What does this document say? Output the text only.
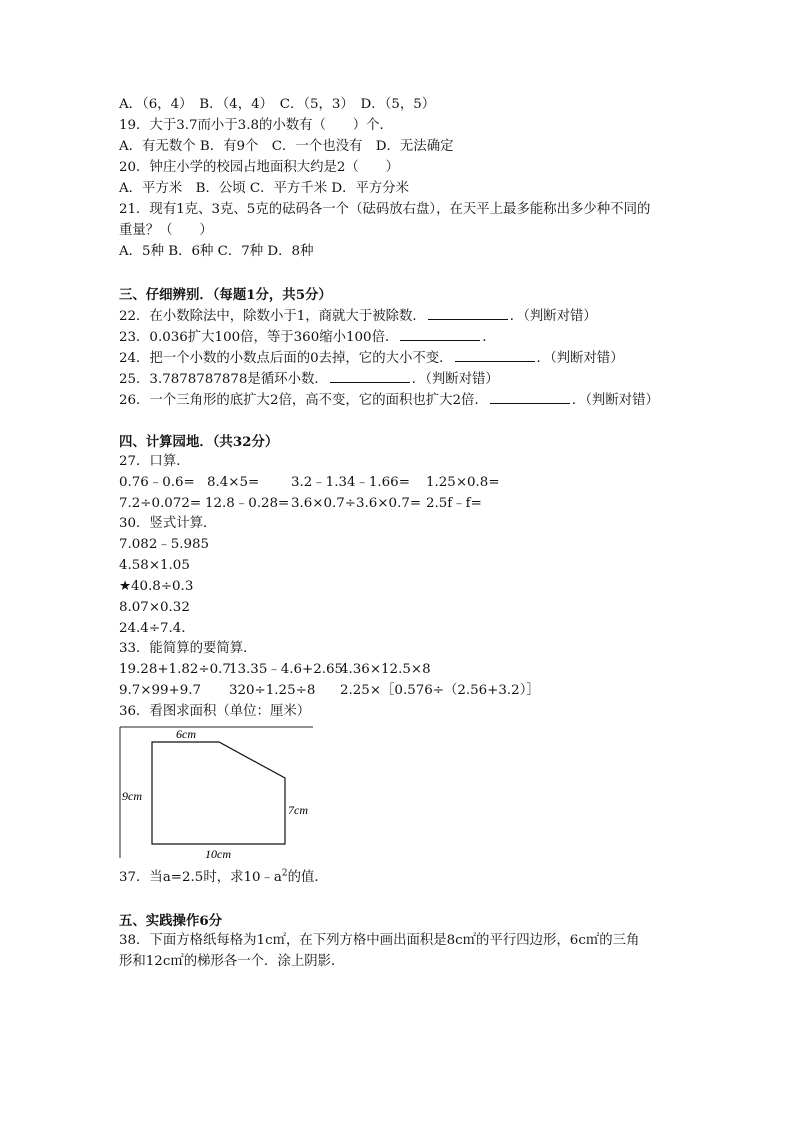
A．（6，4）　B．（4，4）　C．（5，3）　D．（5，5）
19．大于3.7而小于3.8的小数有（　　）个．
A．有无数个 B．有9个　C．一个也没有　D．无法确定
20．钟庄小学的校园占地面积大约是2（　　）
A．平方米　B．公顷 C．平方千米 D．平方分米
21．现有1克、3克、5克的砝码各一个（砝码放右盘），在天平上最多能称出多少种不同的
重量？（　　）
A．5种 B．6种 C．7种 D．8种
三、仔细辨别．（每题1分，共5分）
22．在小数除法中，除数小于1，商就大于被除数．	．（判断对错）
23．0.036扩大100倍，等于360缩小100倍．	．
24．把一个小数的小数点后面的0去掉，它的大小不变．	．（判断对错）
25．3.7878787878是循环小数．	．（判断对错）
26．一个三角形的底扩大2倍，高不变，它的面积也扩大2倍．	．（判断对错）
四、计算园地．（共32分）
27．口算．
0.76﹣0.6= 8.4×5= 3.2﹣1.34﹣1.66= 1.25×0.8=
7.2÷0.072= 12.8﹣0.28= 3.6×0.7÷3.6×0.7= 2.5f﹣f=
30．竖式计算．
7.082﹣5.985
4.58×1.05
★40.8÷0.3
8.07×0.32
24.4÷7.4．
33．能简算的要简算．
19.28+1.82÷0.713.35﹣4.6+2.654.36×12.5×8
9.7×99+9.7 320÷1.25÷8 2.25×［0.576÷（2.56+3.2）］
36．看图求面积（单位：厘米）
6cm
9cm
7cm
10cm
37．当a=2.5时，求$10﹣a^2$的值．
五、实践操作6分
38．下面方格纸每格为1c㎡，在下列方格中画出面积是8c㎡的平行四边形，6c㎡的三角
形和12c㎡的梯形各一个．涂上阴影．
